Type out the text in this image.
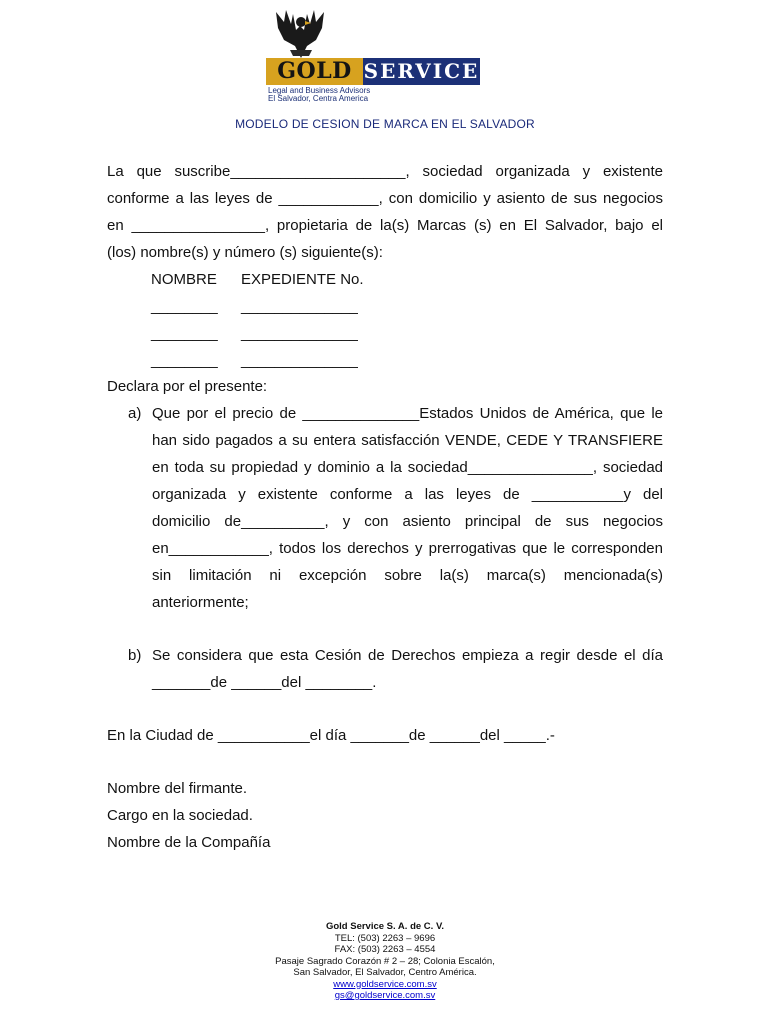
GOLD SERVICE
Legal and Business Advisors
El Salvador, Centra America
MODELO DE CESION DE MARCA EN EL SALVADOR
La que suscribe_____________________, sociedad organizada y existente
conforme a las leyes de ____________, con domicilio y asiento de sus negocios
en ________________, propietaria de la(s) Marcas (s) en El Salvador, bajo el
(los) nombre(s) y número (s) siguiente(s):
NOMBRE EXPEDIENTE No.
________ ______________
________ ______________
________ ______________
Declara por el presente:
a) Que por el precio de ______________Estados Unidos de América, que le
han sido pagados a su entera satisfacción VENDE, CEDE Y TRANSFIERE
en toda su propiedad y dominio a la sociedad_______________, sociedad
organizada y existente conforme a las leyes de ___________y del
domicilio de__________, y con asiento principal de sus negocios
en____________, todos los derechos y prerrogativas que le corresponden
sin limitación ni excepción sobre la(s) marca(s) mencionada(s)
anteriormente;
b) Se considera que esta Cesión de Derechos empieza a regir desde el día
_______de ______del ________.
En la Ciudad de ___________el día _______de ______del _____.-
Nombre del firmante.
Cargo en la sociedad.
Nombre de la Compañía
Gold Service S. A. de C. V.
TEL: (503) 2263 – 9696
FAX: (503) 2263 – 4554
Pasaje Sagrado Corazón # 2 – 28; Colonia Escalón,
San Salvador, El Salvador, Centro América.
www.goldservice.com.sv
gs@goldservice.com.sv
